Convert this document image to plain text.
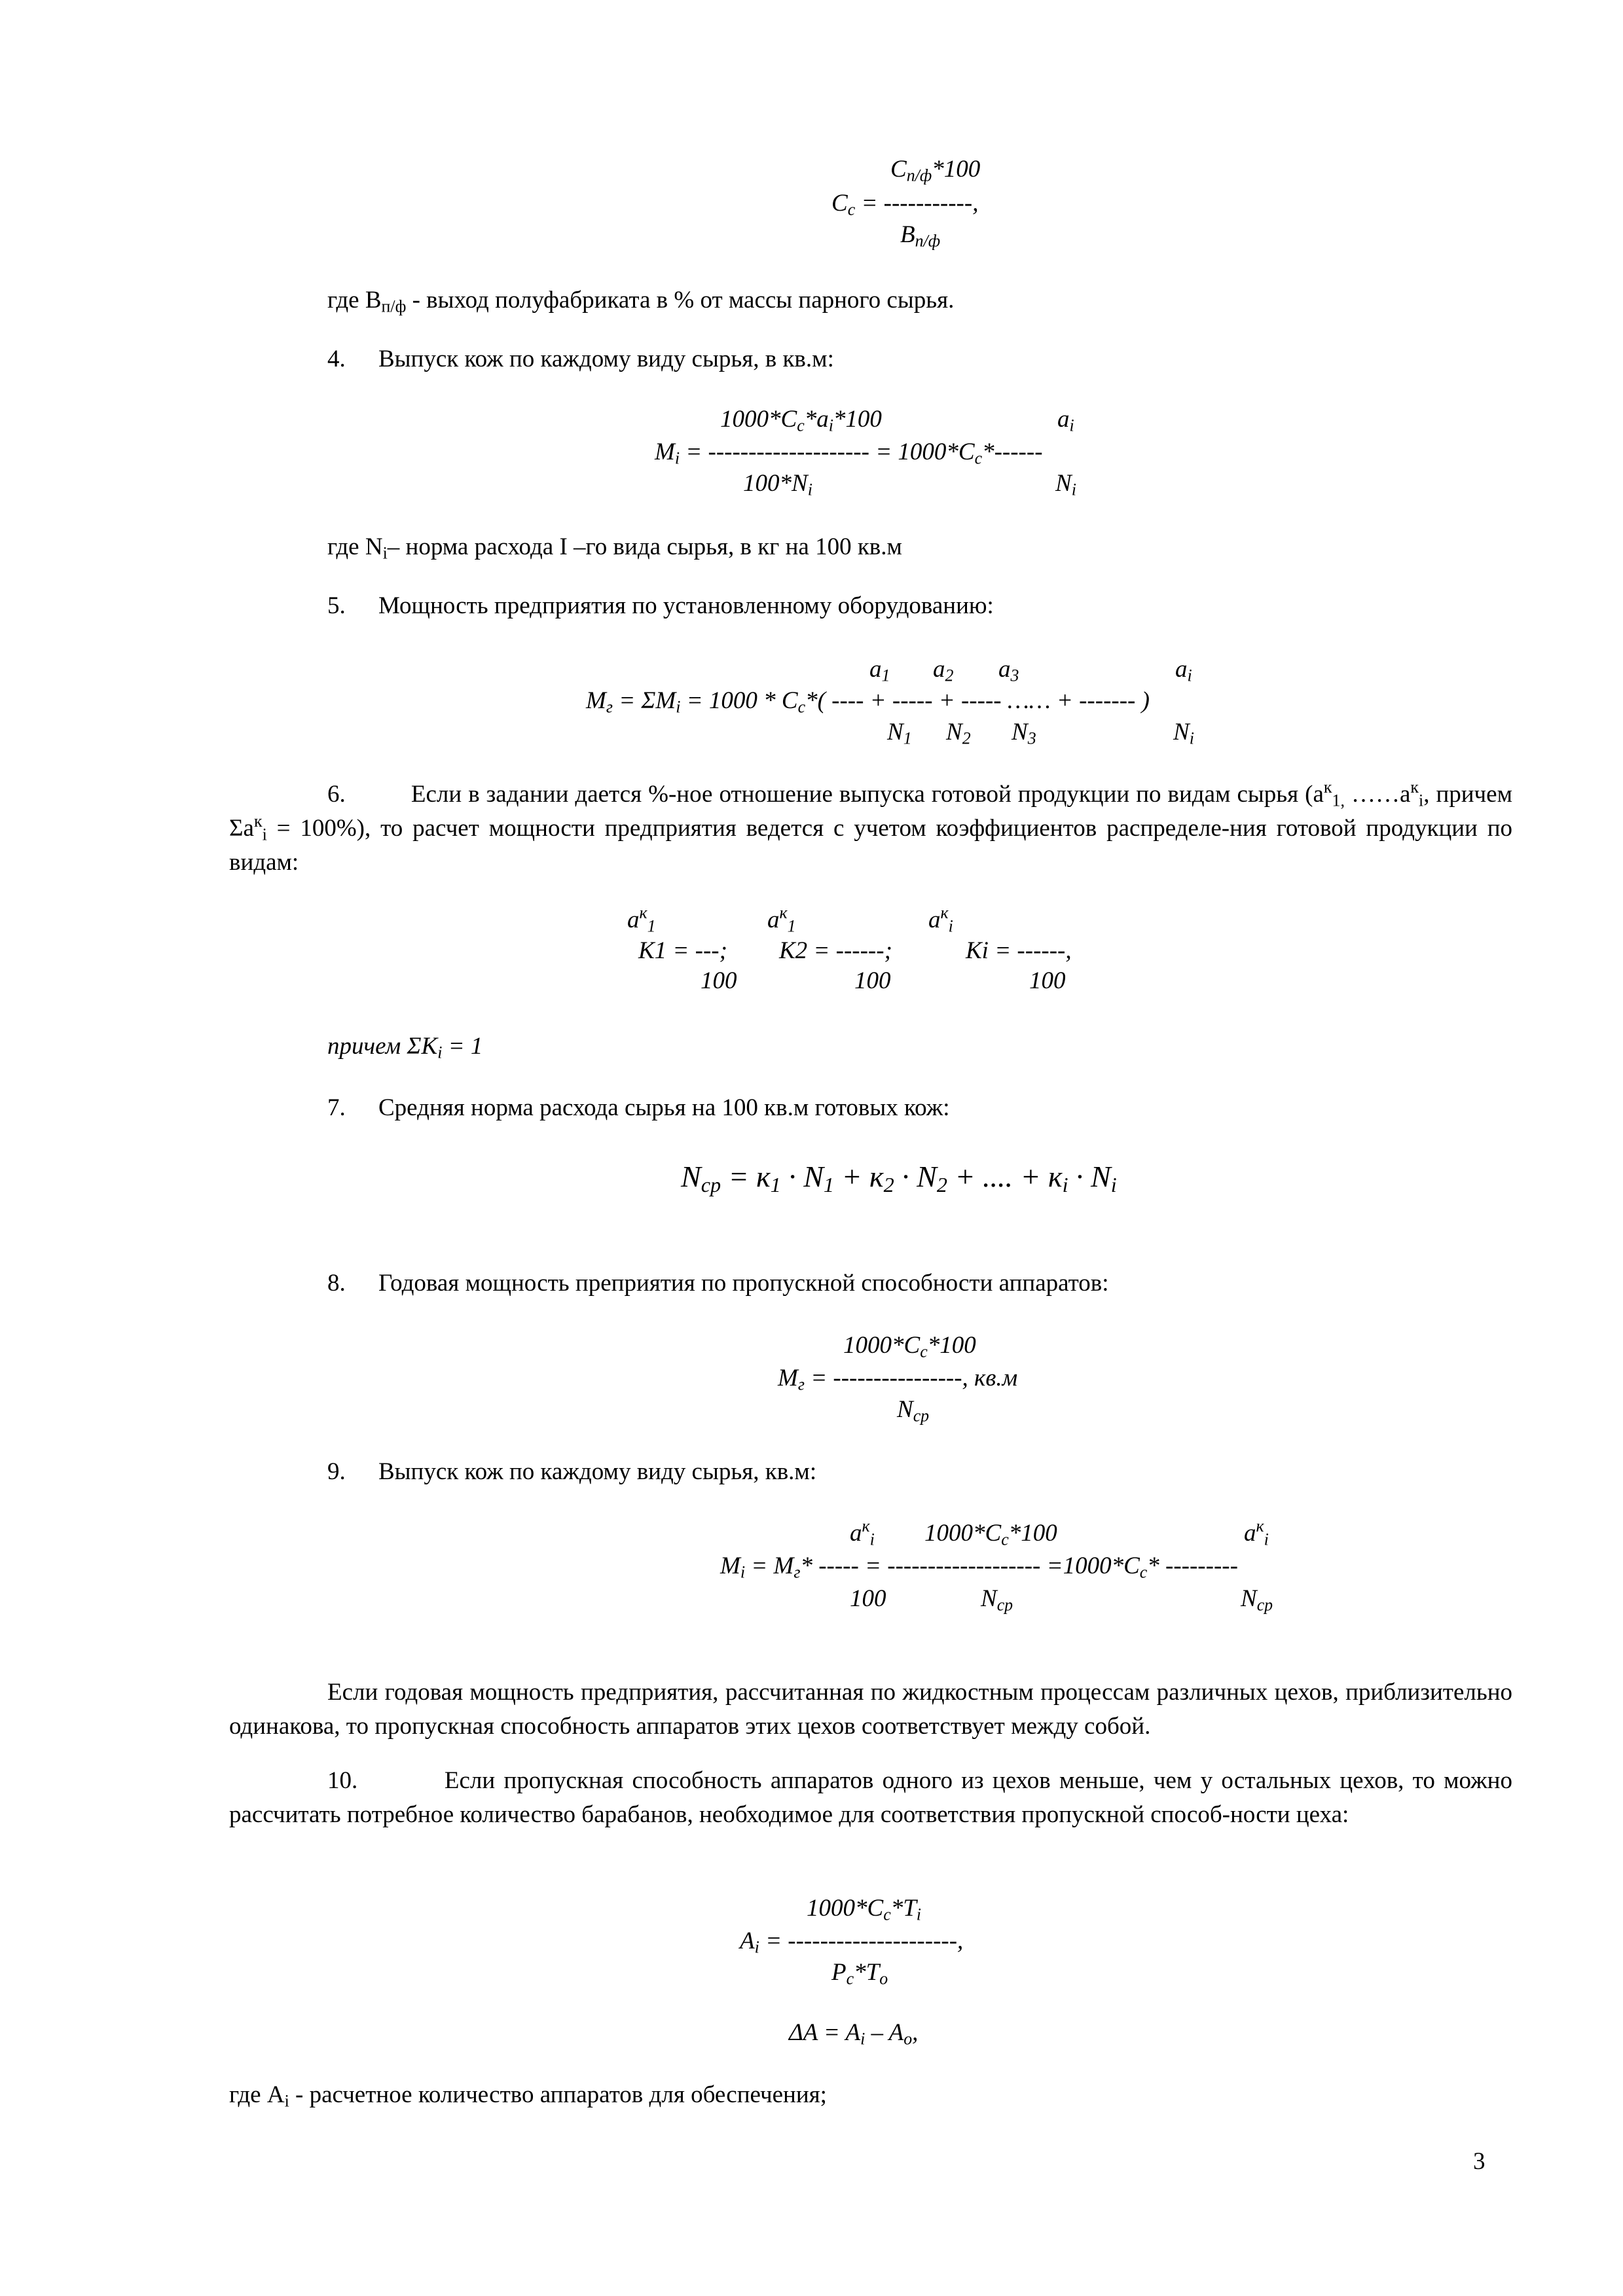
$C_{п/ф}*100$
$C_c$ = -----------,
$B_{п/ф}$
где $В_{п/ф}$ - выход полуфабриката в % от массы парного сырья.
4. Выпуск кож по каждому виду сырья, в кв.м:
$1000*C_c*a_i*100$	$a_i$
$M_i$ = -------------------- = $1000*C_c*------$
$100*N_i$	$N_i$
где $N_i-$ норма расхода I –го вида сырья, в кг на 100 кв.м
5. Мощность предприятия по установленному оборудованию:
$a_1$ $a_2$ $a_3$	$a_i$
$M_г = \Sigma M_i = 1000 * C_c*$( ---- + ----- + ----- …… + ------- )
$N_1$ $N_2$ $N_3$	$N_i$
6.	Если в задании дается %-ное отношение выпуска готовой продукции по видам сырья ($a^к_{1,}$ $\dots\dots a^к_i$, причем $\Sigma a^к_i = 100\%$), то расчет мощности предприятия ведется с учетом коэффициентов распределе-ния готовой продукции по видам:
$a^к_1$	$a^к_1$	$a^к_i$
K1 = ---; K2 = ------;	Ki = ------,
100	100	100
причем $\Sigma K_i = 1$
7. Средняя норма расхода сырья на 100 кв.м готовых кож:
$N_{cp} = к_1 \cdot N_1 + к_2 \cdot N_2$ + .... + $к_i \cdot N_i$
8. Годовая мощность преприятия по пропускной способности аппаратов:
$1000*C_c*100$
$M_г$ = ----------------, кв.м
$N_{cp}$
9. Выпуск кож по каждому виду сырья, кв.м:
$a^к_i$ $1000*C_c*100$	$a^к_i$
$M_i = M_г*$ ----- = ------------------- $=1000*C_c*$ ---------
100	$N_{cp}$	$N_{cp}$
Если годовая мощность предприятия, рассчитанная по жидкостным процессам различных цехов, приблизительно одинакова, то пропускная способность аппаратов этих цехов соответствует между собой.
10.	Если пропускная способность аппаратов одного из цехов меньше, чем у остальных цехов, то можно рассчитать потребное количество барабанов, необходимое для соответствия пропускной способ-ности цеха:
$1000*C_c*T_i$
$A_i$ = ---------------------,
$P_c*T_o$
$\Delta A = A_i - A_o$,
где $A_i$ - расчетное количество аппаратов для обеспечения;
3
